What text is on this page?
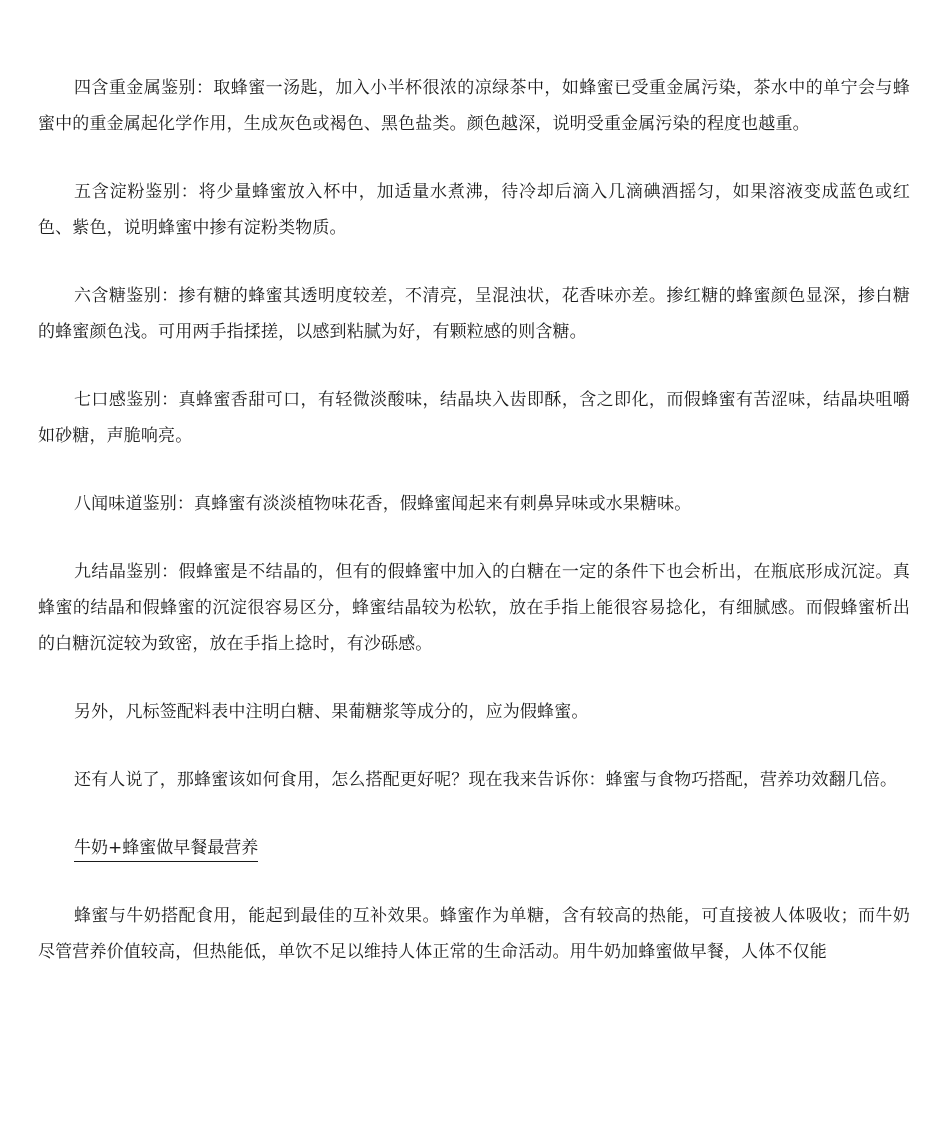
四含重金属鉴别：取蜂蜜一汤匙，加入小半杯很浓的凉绿茶中，如蜂蜜已受重金属污染，茶水中的单宁会与蜂蜜中的重金属起化学作用，生成灰色或褐色、黑色盐类。颜色越深，说明受重金属污染的程度也越重。

五含淀粉鉴别：将少量蜂蜜放入杯中，加适量水煮沸，待冷却后滴入几滴碘酒摇匀，如果溶液变成蓝色或红色、紫色，说明蜂蜜中掺有淀粉类物质。

六含糖鉴别：掺有糖的蜂蜜其透明度较差，不清亮，呈混浊状，花香味亦差。掺红糖的蜂蜜颜色显深，掺白糖的蜂蜜颜色浅。可用两手指揉搓，以感到粘腻为好，有颗粒感的则含糖。

七口感鉴别：真蜂蜜香甜可口，有轻微淡酸味，结晶块入齿即酥，含之即化，而假蜂蜜有苦涩味，结晶块咀嚼如砂糖，声脆响亮。

八闻味道鉴别：真蜂蜜有淡淡植物味花香，假蜂蜜闻起来有刺鼻异味或水果糖味。

九结晶鉴别：假蜂蜜是不结晶的，但有的假蜂蜜中加入的白糖在一定的条件下也会析出，在瓶底形成沉淀。真蜂蜜的结晶和假蜂蜜的沉淀很容易区分，蜂蜜结晶较为松软，放在手指上能很容易捻化，有细腻感。而假蜂蜜析出的白糖沉淀较为致密，放在手指上捻时，有沙砾感。

另外，凡标签配料表中注明白糖、果葡糖浆等成分的，应为假蜂蜜。

还有人说了，那蜂蜜该如何食用，怎么搭配更好呢？现在我来告诉你：蜂蜜与食物巧搭配，营养功效翻几倍。

牛奶+蜂蜜做早餐最营养

蜂蜜与牛奶搭配食用，能起到最佳的互补效果。蜂蜜作为单糖，含有较高的热能，可直接被人体吸收；而牛奶尽管营养价值较高，但热能低，单饮不足以维持人体正常的生命活动。用牛奶加蜂蜜做早餐，人体不仅能
